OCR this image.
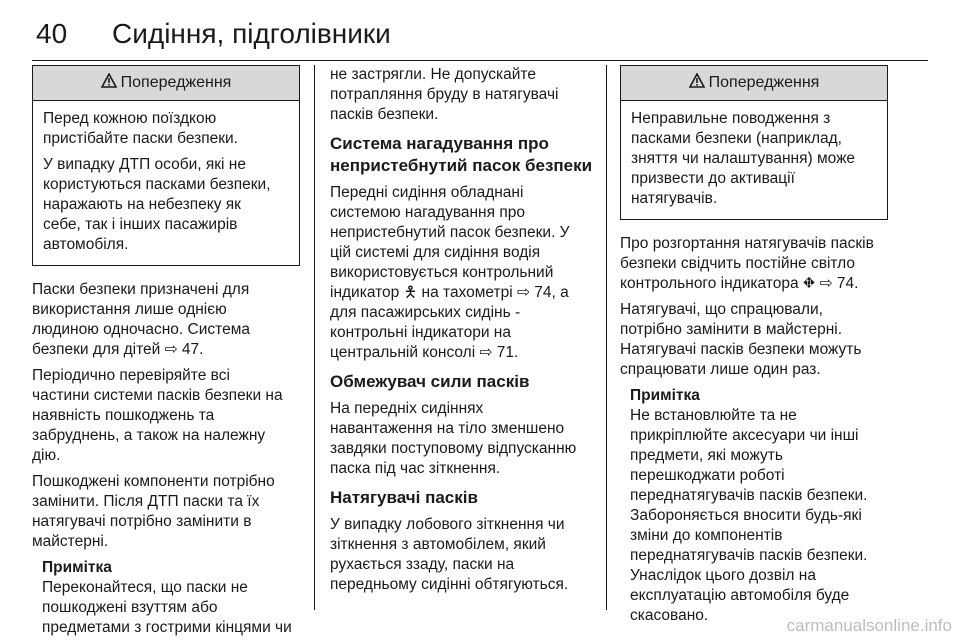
40 Сидіння, підголівники
Попередження

Перед кожною поїздкою
пристібайте паски безпеки.

У випадку ДТП особи, які не
користуються пасками безпеки,
наражають на небезпеку як
себе, так і інших пасажирів
автомобіля.

Паски безпеки призначені для
використання лише однією
людиною одночасно. Система
безпеки для дітей ⇨ 47.

Періодично перевіряйте всі
частини системи пасків безпеки на
наявність пошкоджень та
забруднень, а також на належну
дію.

Пошкоджені компоненти потрібно
замінити. Після ДТП паски та їх
натягувачі потрібно замінити в
майстерні.

Примітка

Переконайтеся, що паски не
пошкоджені взуттям або
предметами з гострими кінцями чи

не застрягли. Не допускайте
потрапляння бруду в натягувачі
пасків безпеки.

Система нагадування про
непристебнутий пасок безпеки

Передні сидіння обладнані
системою нагадування про
непристебнутий пасок безпеки. У
цій системі для сидіння водія
використовується контрольний
індикатор 🯅 на тахометрі ⇨ 74, а
для пасажирських сидінь -
контрольні індикатори на
центральній консолі ⇨ 71.

Обмежувач сили пасків

На передніх сидіннях
навантаження на тіло зменшено
завдяки поступовому відпусканню
паска під час зіткнення.

Натягувачі пасків

У випадку лобового зіткнення чи
зіткнення з автомобілем, який
рухається ззаду, паски на
передньому сидінні обтягуються.

Попередження

Неправильне поводження з
пасками безпеки (наприклад,
зняття чи налаштування) може
призвести до активації
натягувачів.

Про розгортання натягувачів пасків
безпеки свідчить постійне світло
контрольного індикатора ⛖ ⇨ 74.

Натягувачі, що спрацювали,
потрібно замінити в майстерні.
Натягувачі пасків безпеки можуть
спрацювати лише один раз.

Примітка

Не встановлюйте та не
прикріплюйте аксесуари чи інші
предмети, які можуть
перешкоджати роботі
переднатягувачів пасків безпеки.
Забороняється вносити будь-які
зміни до компонентів
переднатягувачів пасків безпеки.
Унаслідок цього дозвіл на
експлуатацію автомобіля буде
скасовано.

carmanualsonline.info
